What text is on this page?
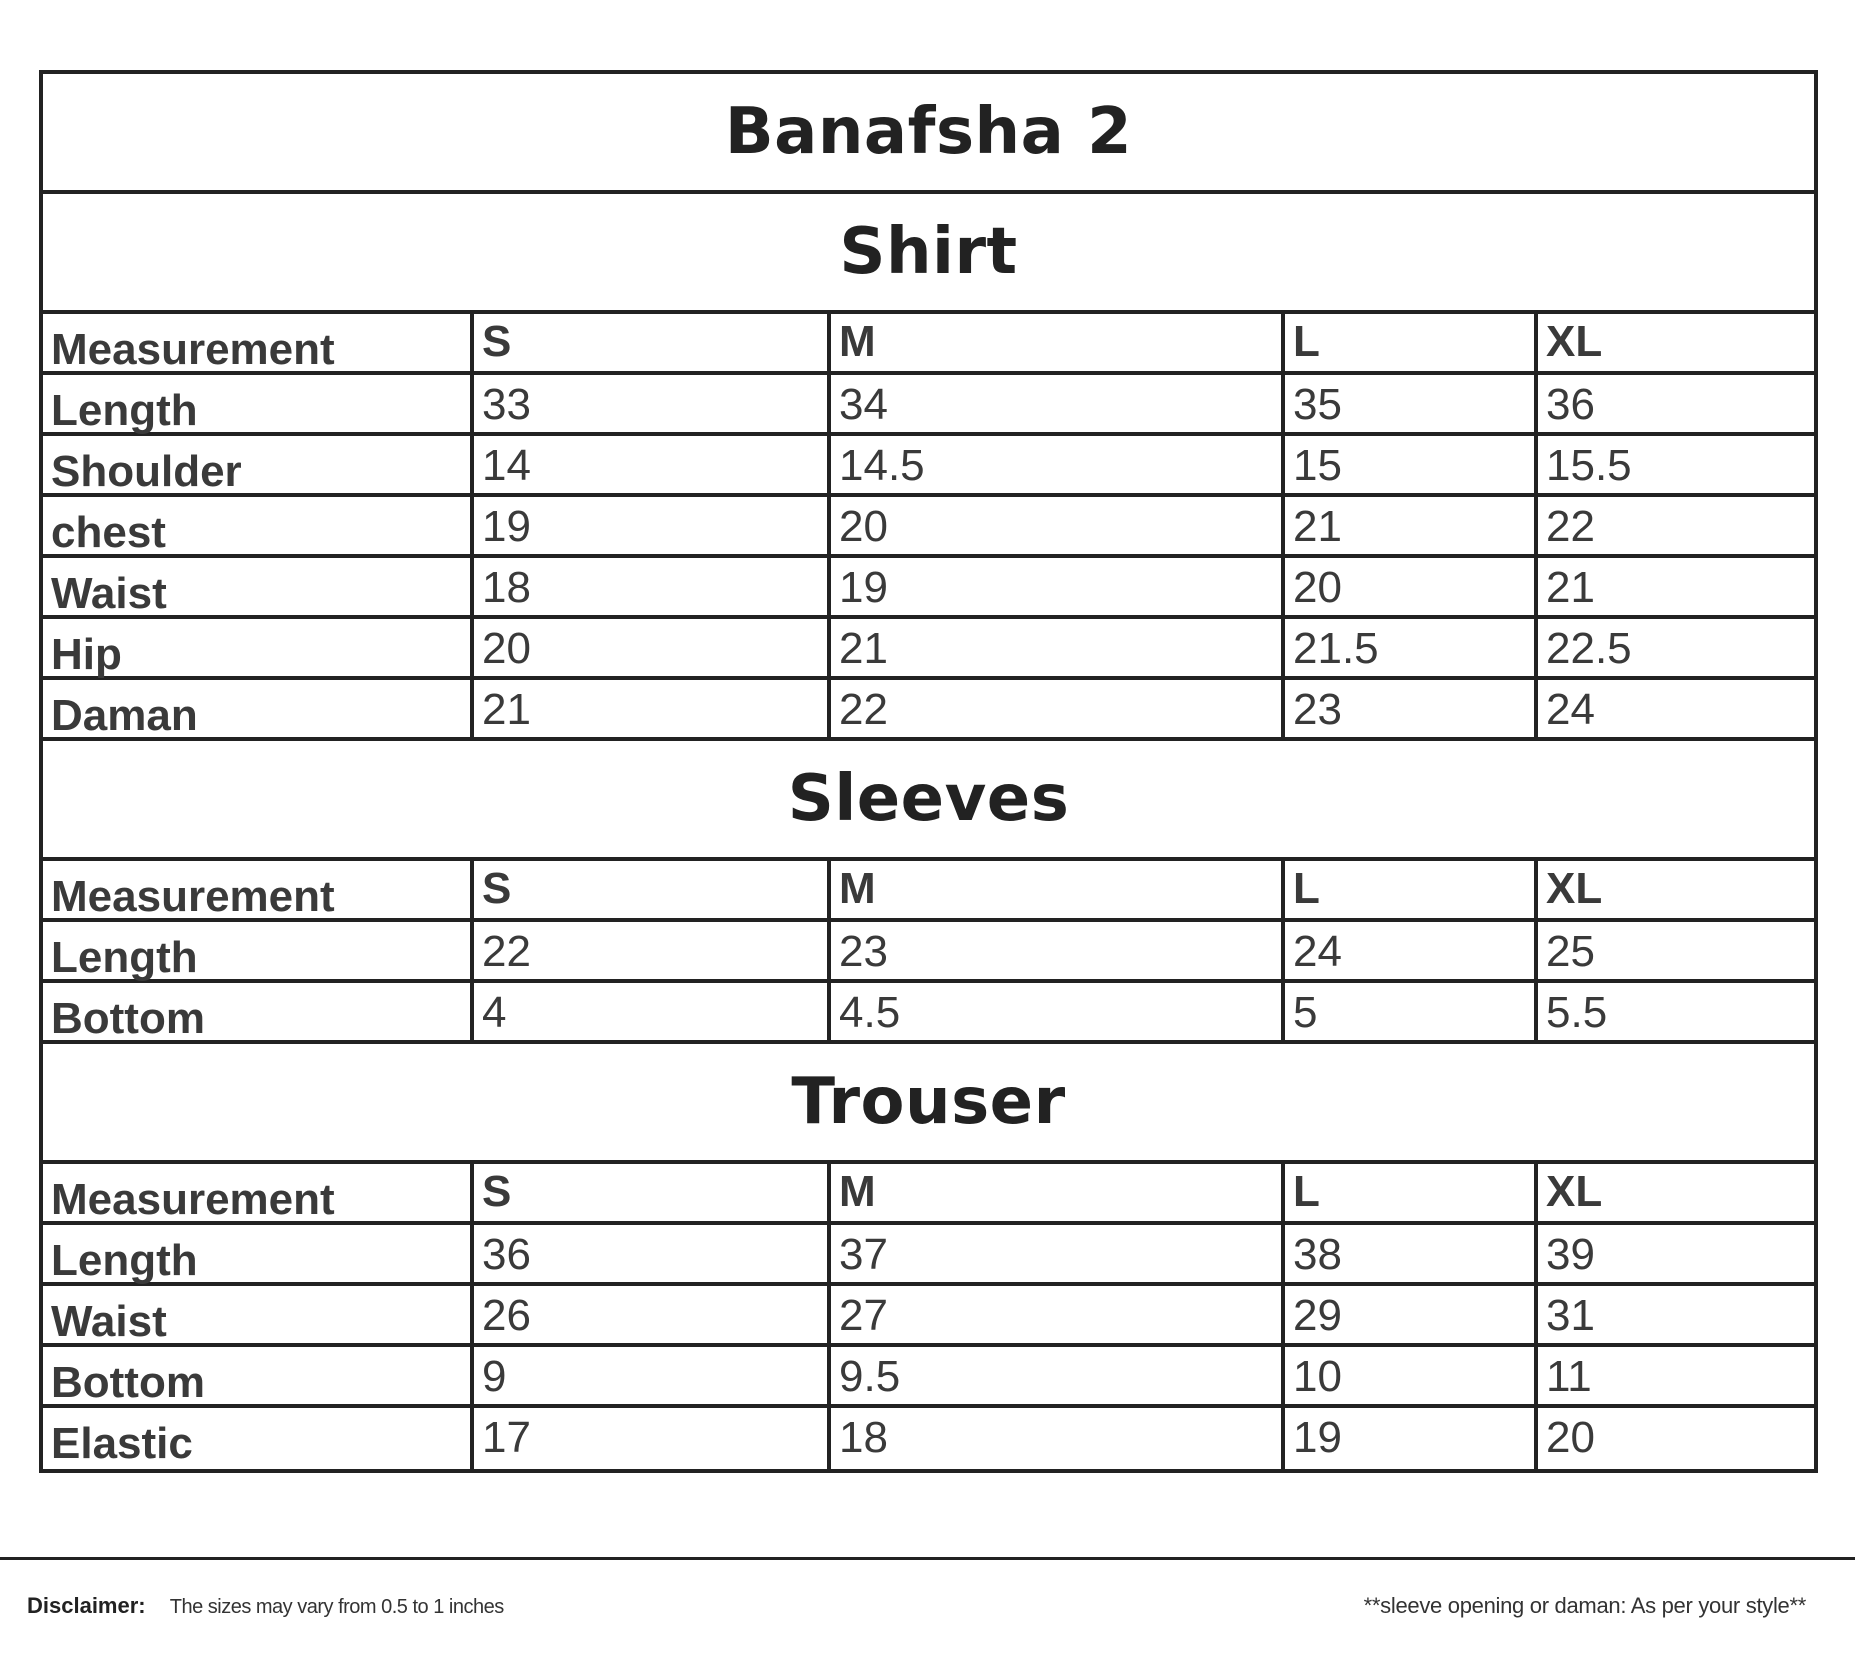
Banafsha 2
Shirt
Measurement	S	M	L	XL
Length	33	34	35	36
Shoulder	14	14.5	15	15.5
chest	19	20	21	22
Waist	18	19	20	21
Hip	20	21	21.5	22.5
Daman	21	22	23	24
Sleeves
Measurement	S	M	L	XL
Length	22	23	24	25
Bottom	4	4.5	5	5.5
Trouser
Measurement	S	M	L	XL
Length	36	37	38	39
Waist	26	27	29	31
Bottom	9	9.5	10	11
Elastic	17	18	19	20
Disclaimer: The sizes may vary from 0.5 to 1 inches	**sleeve opening or daman: As per your style**
